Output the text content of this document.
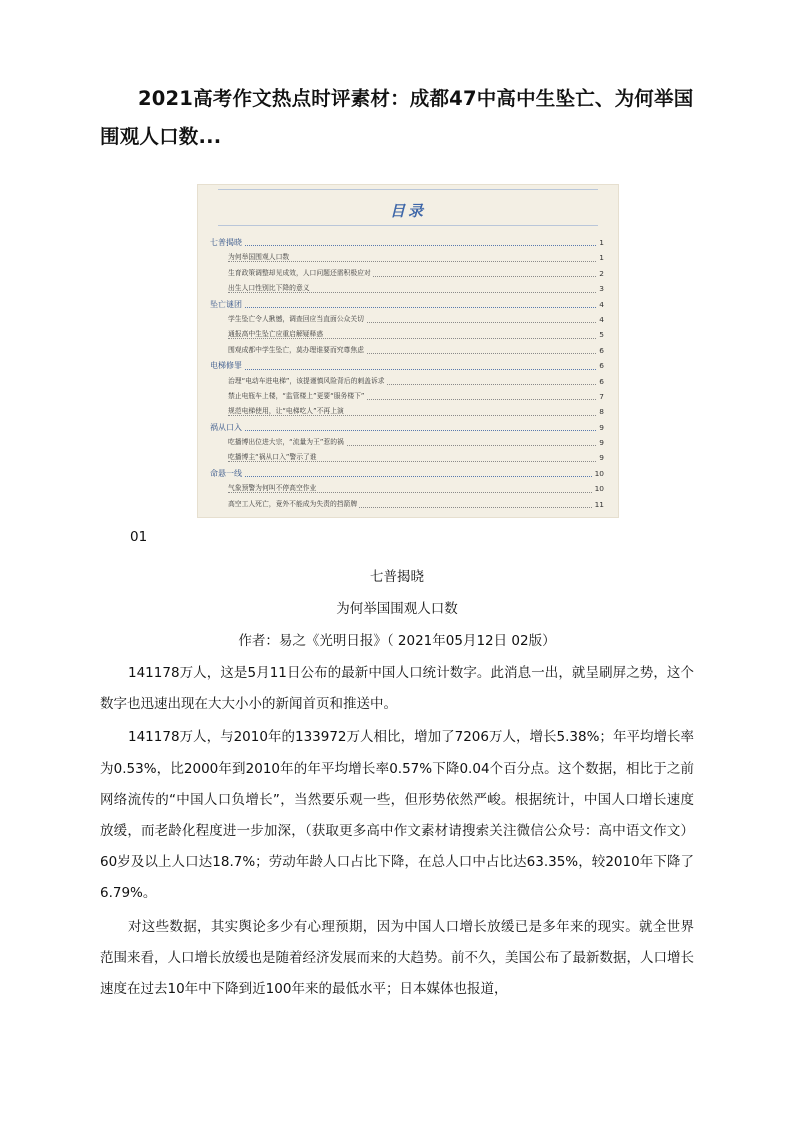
2021高考作文热点时评素材：成都47中高中生坠亡、为何举国围观人口数...
目录
七普揭晓	1
为何举国围观人口数	1
生育政策调整却见成效，人口问题还需积极应对	2
出生人口性别比下降的意义	3
坠亡谜团	4
学生坠亡令人揪憾，调查回应当直面公众关切	4
通报高中生坠亡应重启解疑释惑	5
围观成都中学生坠亡，莫办理谁要而究尊焦虑	6
电梯修罪	6
治理“电动车进电梯”，该提谨慎风险背后的刺盖诉求	6
禁止电瓶车上楼，“监管楼上”更要“服务楼下”	7
规范电梯使用，让“电梯吃人”不再上演	8
祸从口入	9
吃播博出位进大宗，“流量为王”惹的祸	9
吃播博主“祸从口入”警示了谁	9
命悬一线	10
气象预警为何叫不停高空作业	10
高空工人死亡，竟外不能成为失责的挡箭牌	11
01
七普揭晓
为何举国围观人口数
作者：易之《光明日报》（ 2021年05月12日 02版）

141178万人，这是5月11日公布的最新中国人口统计数字。此消息一出，就呈刷屏之势，这个数字也迅速出现在大大小小的新闻首页和推送中。

141178万人，与2010年的133972万人相比，增加了7206万人，增长5.38%；年平均增长率为0.53%，比2000年到2010年的年平均增长率0.57%下降0.04个百分点。这个数据，相比于之前网络流传的“中国人口负增长”，当然要乐观一些，但形势依然严峻。根据统计，中国人口增长速度放缓，而老龄化程度进一步加深，（获取更多高中作文素材请搜索关注微信公众号：高中语文作文）60岁及以上人口达18.7%；劳动年龄人口占比下降，在总人口中占比达63.35%，较2010年下降了6.79%。

对这些数据，其实舆论多少有心理预期，因为中国人口增长放缓已是多年来的现实。就全世界范围来看，人口增长放缓也是随着经济发展而来的大趋势。前不久，美国公布了最新数据，人口增长速度在过去10年中下降到近100年来的最低水平；日本媒体也报道，
